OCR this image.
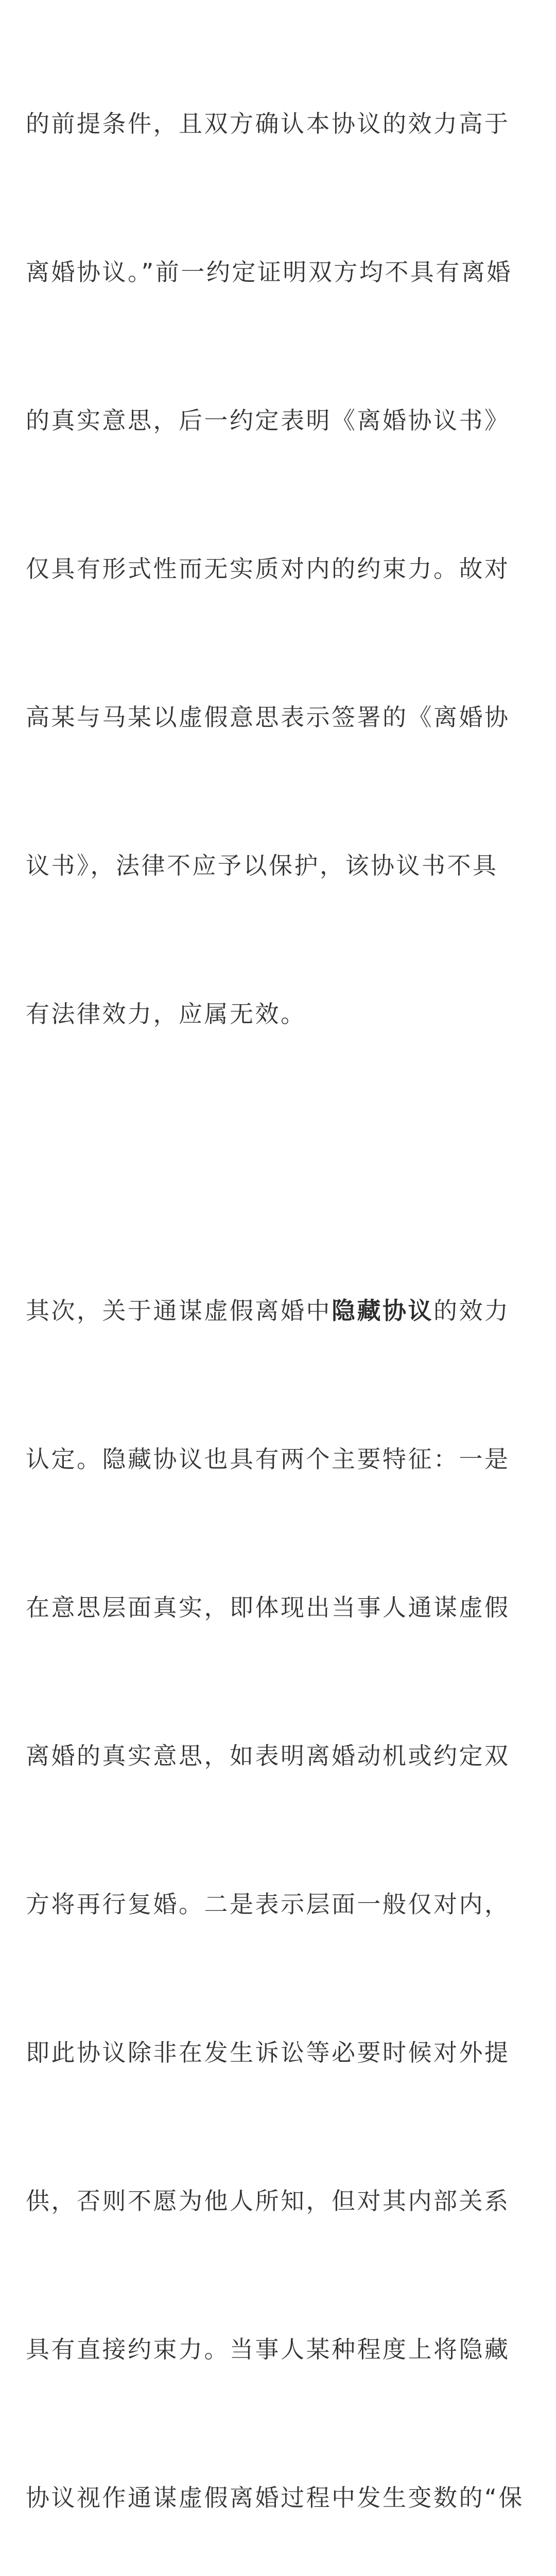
的前提条件，且双方确认本协议的效力高于

离婚协议。”前一约定证明双方均不具有离婚

的真实意思，后一约定表明《离婚协议书》

仅具有形式性而无实质对内的约束力。故对

高某与马某以虚假意思表示签署的《离婚协

议书》，法律不应予以保护，该协议书不具

有法律效力，应属无效。

其次，关于通谋虚假离婚中隐藏协议的效力

认定。隐藏协议也具有两个主要特征：一是

在意思层面真实，即体现出当事人通谋虚假

离婚的真实意思，如表明离婚动机或约定双

方将再行复婚。二是表示层面一般仅对内，

即此协议除非在发生诉讼等必要时候对外提

供，否则不愿为他人所知，但对其内部关系

具有直接约束力。当事人某种程度上将隐藏

协议视作通谋虚假离婚过程中发生变数的“保
